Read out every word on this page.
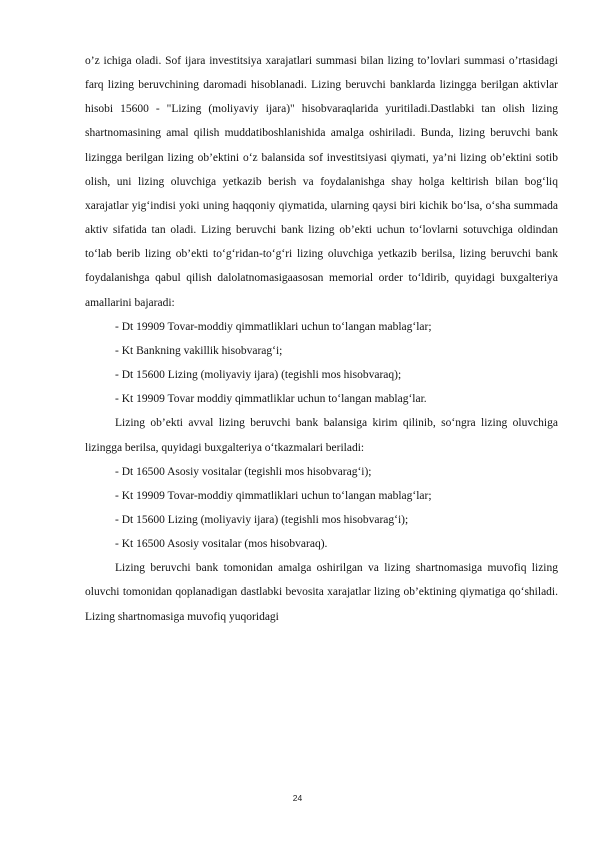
o’z ichiga oladi. Sof ijara investitsiya xarajatlari summasi bilan lizing to’lovlari summasi o’rtasidagi farq lizing beruvchining daromadi hisoblanadi. Lizing beruvchi banklarda lizingga berilgan aktivlar hisobi 15600 - "Lizing (moliyaviy ijara)" hisobvaraqlarida yuritiladi.Dastlabki tan olish lizing shartnomasining amal qilish muddatiboshlanishida amalga oshiriladi. Bunda, lizing beruvchi bank lizingga berilgan lizing ob’ektini o‘z balansida sof investitsiyasi qiymati, ya’ni lizing ob’ektini sotib olish, uni lizing oluvchiga yetkazib berish va foydalanishga shay holga keltirish bilan bog‘liq xarajatlar yig‘indisi yoki uning haqqoniy qiymatida, ularning qaysi biri kichik bo‘lsa, o‘sha summada aktiv sifatida tan oladi. Lizing beruvchi bank lizing ob’ekti uchun to‘lovlarni sotuvchiga oldindan to‘lab berib lizing ob’ekti to‘g‘ridan-to‘g‘ri lizing oluvchiga yetkazib berilsa, lizing beruvchi bank foydalanishga qabul qilish dalolatnomasigaasosan memorial order to‘ldirib, quyidagi buxgalteriya amallarini bajaradi:

- Dt 19909 Tovar-moddiy qimmatliklari uchun to‘langan mablag‘lar;

- Kt Bankning vakillik hisobvarag‘i;

- Dt 15600 Lizing (moliyaviy ijara) (tegishli mos hisobvaraq);

- Kt 19909 Tovar moddiy qimmatliklar uchun to‘langan mablag‘lar.

Lizing ob’ekti avval lizing beruvchi bank balansiga kirim qilinib, so‘ngra lizing oluvchiga lizingga berilsa, quyidagi buxgalteriya o‘tkazmalari beriladi:

- Dt 16500 Asosiy vositalar (tegishli mos hisobvarag‘i);

- Kt 19909 Tovar-moddiy qimmatliklari uchun to‘langan mablag‘lar;

- Dt 15600 Lizing (moliyaviy ijara) (tegishli mos hisobvarag‘i);

- Kt 16500 Asosiy vositalar (mos hisobvaraq).

Lizing beruvchi bank tomonidan amalga oshirilgan va lizing shartnomasiga muvofiq lizing oluvchi tomonidan qoplanadigan dastlabki bevosita xarajatlar lizing ob’ektining qiymatiga qo‘shiladi. Lizing shartnomasiga muvofiq yuqoridagi

24
